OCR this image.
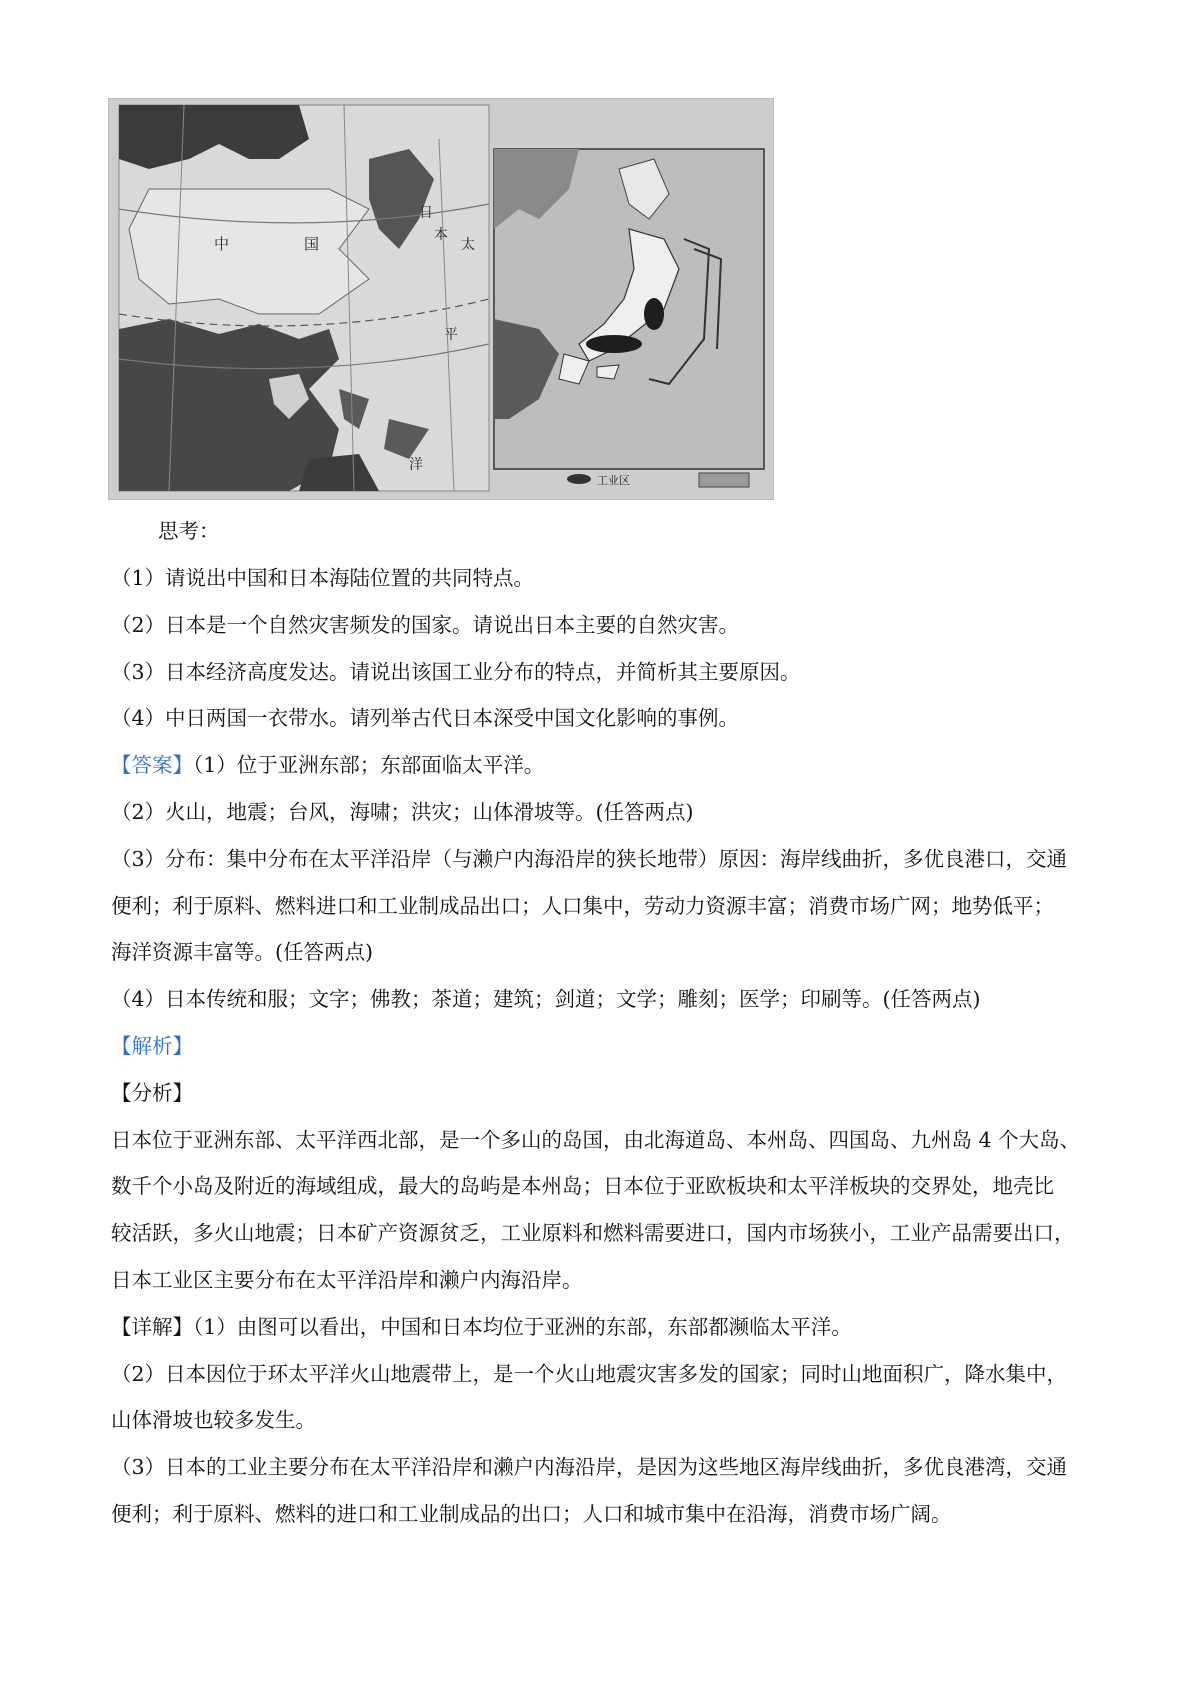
中	国
日
本
太
平
洋
工业区
思考：
（1）请说出中国和日本海陆位置的共同特点。
（2）日本是一个自然灾害频发的国家。请说出日本主要的自然灾害。
（3）日本经济高度发达。请说出该国工业分布的特点，并简析其主要原因。
（4）中日两国一衣带水。请列举古代日本深受中国文化影响的事例。
【答案】（1）位于亚洲东部；东部面临太平洋。
（2）火山，地震；台风，海啸；洪灾；山体滑坡等。(任答两点)
（3）分布：集中分布在太平洋沿岸（与濑户内海沿岸的狭长地带）原因：海岸线曲折，多优良港口，交通
便利；利于原料、燃料进口和工业制成品出口；人口集中，劳动力资源丰富；消费市场广网；地势低平；
海洋资源丰富等。(任答两点)
（4）日本传统和服；文字；佛教；茶道；建筑；剑道；文学；雕刻；医学；印刷等。(任答两点)
【解析】
【分析】
日本位于亚洲东部、太平洋西北部，是一个多山的岛国，由北海道岛、本州岛、四国岛、九州岛 4 个大岛、
数千个小岛及附近的海域组成，最大的岛屿是本州岛；日本位于亚欧板块和太平洋板块的交界处，地壳比
较活跃，多火山地震；日本矿产资源贫乏，工业原料和燃料需要进口，国内市场狭小，工业产品需要出口，
日本工业区主要分布在太平洋沿岸和濑户内海沿岸。
【详解】（1）由图可以看出，中国和日本均位于亚洲的东部，东部都濒临太平洋。
（2）日本因位于环太平洋火山地震带上，是一个火山地震灾害多发的国家；同时山地面积广，降水集中，
山体滑坡也较多发生。
（3）日本的工业主要分布在太平洋沿岸和濑户内海沿岸，是因为这些地区海岸线曲折，多优良港湾，交通
便利；利于原料、燃料的进口和工业制成品的出口；人口和城市集中在沿海，消费市场广阔。
